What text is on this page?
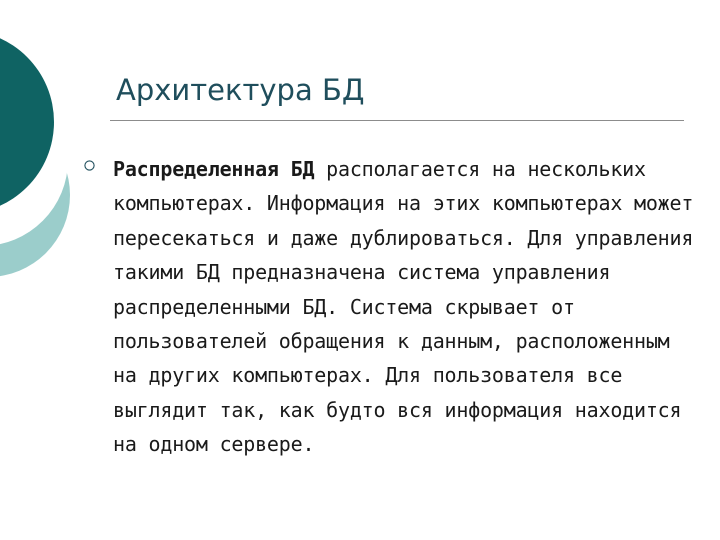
Архитектура БД

Распределенная БД располагается на нескольких компьютерах. Информация на этих компьютерах может пересекаться и даже дублироваться. Для управления такими БД предназначена система управления распределенными БД. Система скрывает от пользователей обращения к данным, расположенным на других компьютерах. Для пользователя все выглядит так, как будто вся информация находится на одном сервере.
